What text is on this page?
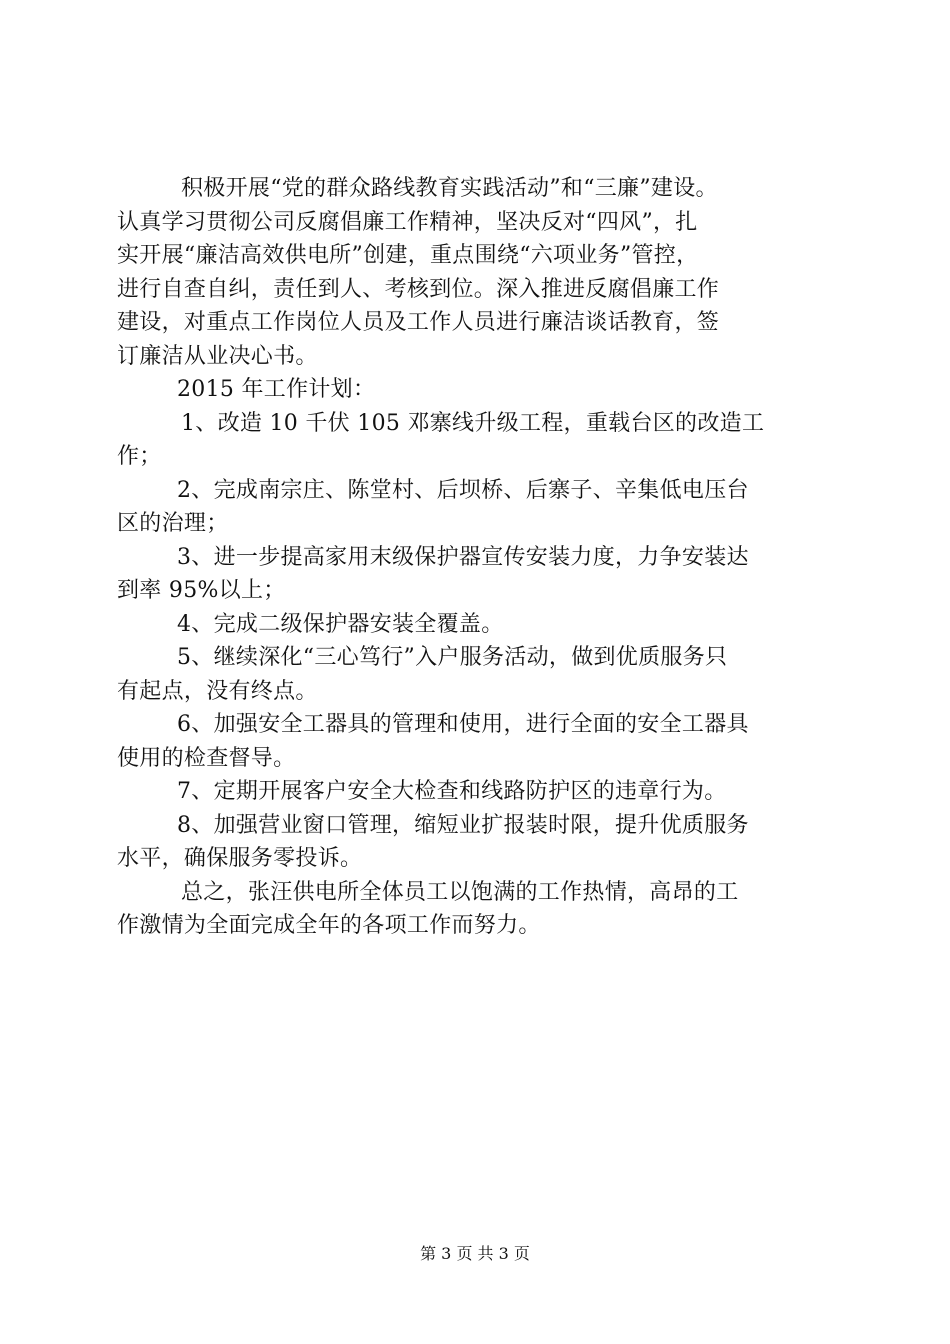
积极开展“党的群众路线教育实践活动”和“三廉”建设。
认真学习贯彻公司反腐倡廉工作精神，坚决反对“四风”，扎
实开展“廉洁高效供电所”创建，重点围绕“六项业务”管控，
进行自查自纠，责任到人、考核到位。深入推进反腐倡廉工作
建设，对重点工作岗位人员及工作人员进行廉洁谈话教育，签
订廉洁从业决心书。
2015 年工作计划：
1、改造 10 千伏 105 邓寨线升级工程，重载台区的改造工
作；
2、完成南宗庄、陈堂村、后坝桥、后寨子、辛集低电压台
区的治理；
3、进一步提高家用末级保护器宣传安装力度，力争安装达
到率 95%以上；
4、完成二级保护器安装全覆盖。
5、继续深化“三心笃行”入户服务活动，做到优质服务只
有起点，没有终点。
6、加强安全工器具的管理和使用，进行全面的安全工器具
使用的检查督导。
7、定期开展客户安全大检查和线路防护区的违章行为。
8、加强营业窗口管理，缩短业扩报装时限，提升优质服务
水平，确保服务零投诉。
总之，张汪供电所全体员工以饱满的工作热情，高昂的工
作激情为全面完成全年的各项工作而努力。
第 3 页 共 3 页
